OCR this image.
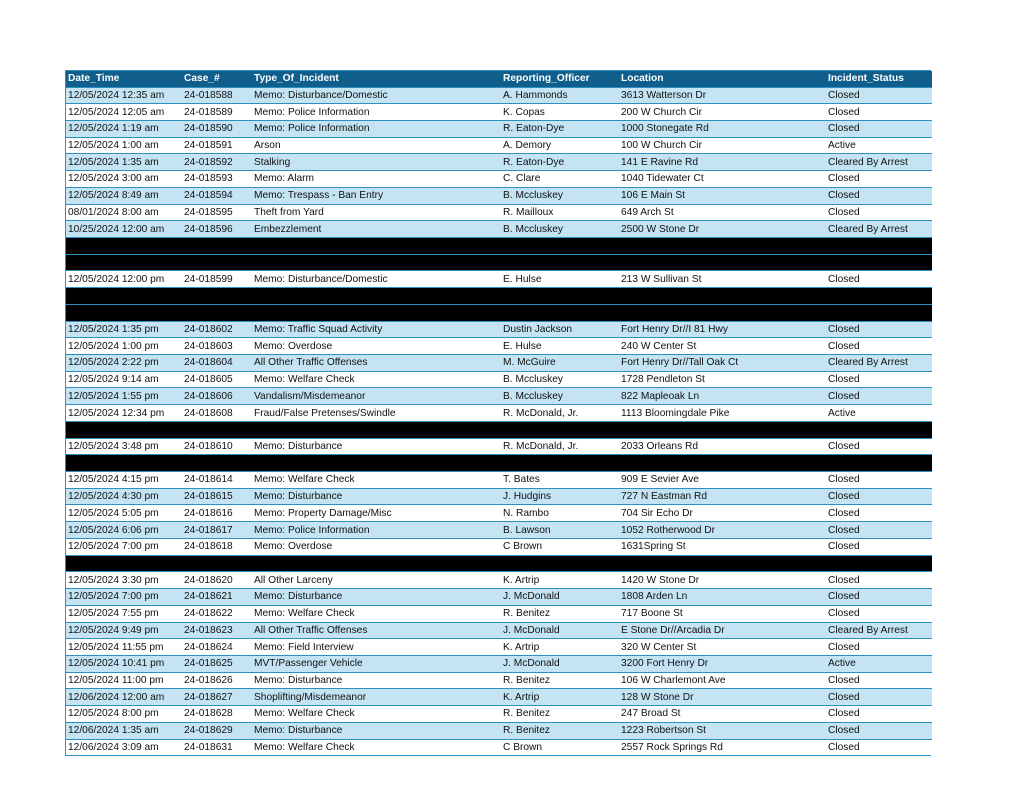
Date_Time	Case_#	Type_Of_Incident	Reporting_Officer	Location	Incident_Status
12/05/2024 12:35 am	24-018588	Memo: Disturbance/Domestic	A. Hammonds	3613 Watterson Dr	Closed
12/05/2024 12:05 am	24-018589	Memo: Police Information	K. Copas	200 W Church Cir	Closed
12/05/2024 1:19 am	24-018590	Memo: Police Information	R. Eaton-Dye	1000 Stonegate Rd	Closed
12/05/2024 1:00 am	24-018591	Arson	A. Demory	100 W Church Cir	Active
12/05/2024 1:35 am	24-018592	Stalking	R. Eaton-Dye	141 E Ravine Rd	Cleared By Arrest
12/05/2024 3:00 am	24-018593	Memo: Alarm	C. Clare	1040 Tidewater Ct	Closed
12/05/2024 8:49 am	24-018594	Memo: Trespass - Ban Entry	B. Mccluskey	106 E Main St	Closed
08/01/2024 8:00 am	24-018595	Theft from Yard	R. Mailloux	649 Arch St	Closed
10/25/2024 12:00 am	24-018596	Embezzlement	B. Mccluskey	2500 W Stone Dr	Cleared By Arrest

12/05/2024 12:00 pm	24-018599	Memo: Disturbance/Domestic	E. Hulse	213 W Sullivan St	Closed

12/05/2024 1:35 pm	24-018602	Memo: Traffic Squad Activity	Dustin Jackson	Fort Henry Dr//I 81 Hwy	Closed
12/05/2024 1:00 pm	24-018603	Memo: Overdose	E. Hulse	240 W Center St	Closed
12/05/2024 2:22 pm	24-018604	All Other Traffic Offenses	M. McGuire	Fort Henry Dr//Tall Oak Ct	Cleared By Arrest
12/05/2024 9:14 am	24-018605	Memo: Welfare Check	B. Mccluskey	1728 Pendleton St	Closed
12/05/2024 1:55 pm	24-018606	Vandalism/Misdemeanor	B. Mccluskey	822 Mapleoak Ln	Closed
12/05/2024 12:34 pm	24-018608	Fraud/False Pretenses/Swindle	R. McDonald, Jr.	1113 Bloomingdale Pike	Active

12/05/2024 3:48 pm	24-018610	Memo: Disturbance	R. McDonald, Jr.	2033 Orleans Rd	Closed

12/05/2024 4:15 pm	24-018614	Memo: Welfare Check	T. Bates	909 E Sevier Ave	Closed
12/05/2024 4:30 pm	24-018615	Memo: Disturbance	J. Hudgins	727 N Eastman Rd	Closed
12/05/2024 5:05 pm	24-018616	Memo: Property Damage/Misc	N. Rambo	704 Sir Echo Dr	Closed
12/05/2024 6:06 pm	24-018617	Memo: Police Information	B. Lawson	1052 Rotherwood Dr	Closed
12/05/2024 7:00 pm	24-018618	Memo: Overdose	C Brown	1631Spring St	Closed

12/05/2024 3:30 pm	24-018620	All Other Larceny	K. Artrip	1420 W Stone Dr	Closed
12/05/2024 7:00 pm	24-018621	Memo: Disturbance	J. McDonald	1808 Arden Ln	Closed
12/05/2024 7:55 pm	24-018622	Memo: Welfare Check	R. Benitez	717 Boone St	Closed
12/05/2024 9:49 pm	24-018623	All Other Traffic Offenses	J. McDonald	E Stone Dr//Arcadia Dr	Cleared By Arrest
12/05/2024 11:55 pm	24-018624	Memo: Field Interview	K. Artrip	320 W Center St	Closed
12/05/2024 10:41 pm	24-018625	MVT/Passenger Vehicle	J. McDonald	3200 Fort Henry Dr	Active
12/05/2024 11:00 pm	24-018626	Memo: Disturbance	R. Benitez	106 W Charlemont Ave	Closed
12/06/2024 12:00 am	24-018627	Shoplifting/Misdemeanor	K. Artrip	128 W Stone Dr	Closed
12/05/2024 8:00 pm	24-018628	Memo: Welfare Check	R. Benitez	247 Broad St	Closed
12/06/2024 1:35 am	24-018629	Memo: Disturbance	R. Benitez	1223 Robertson St	Closed
12/06/2024 3:09 am	24-018631	Memo: Welfare Check	C Brown	2557 Rock Springs Rd	Closed
